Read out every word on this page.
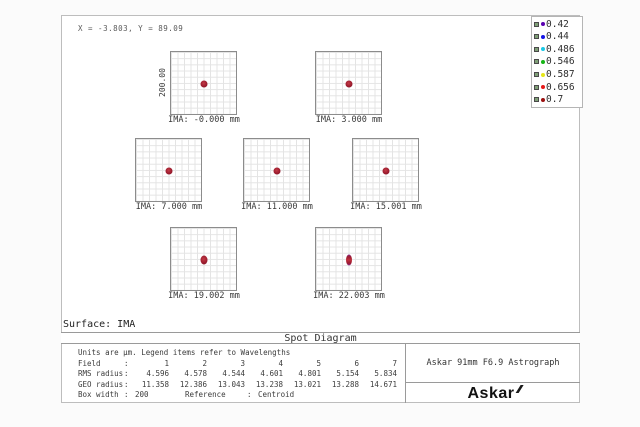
X = -3.803, Y = 89.09	0.42
0.44
0.486
0.546
0.587
0.656
0.7
200.00
IMA: -0.000 mm	IMA: 3.000 mm
IMA: 7.000 mm	IMA: 11.000 mm	IMA: 15.001 mm
IMA: 19.002 mm	IMA: 22.003 mm
Surface: IMA
Spot Diagram
Units are µm. Legend items refer to Wavelengths
Field	:	1	2	3	4	5	6	7
RMS radius :	4.596	4.578	4.544	4.601	4.801	5.154	5.834
GEO radius :	11.358	12.386	13.043	13.238	13.021	13.288	14.671
Box width : 200	Reference	: Centroid
Askar 91mm F6.9 Astrograph
Askar
